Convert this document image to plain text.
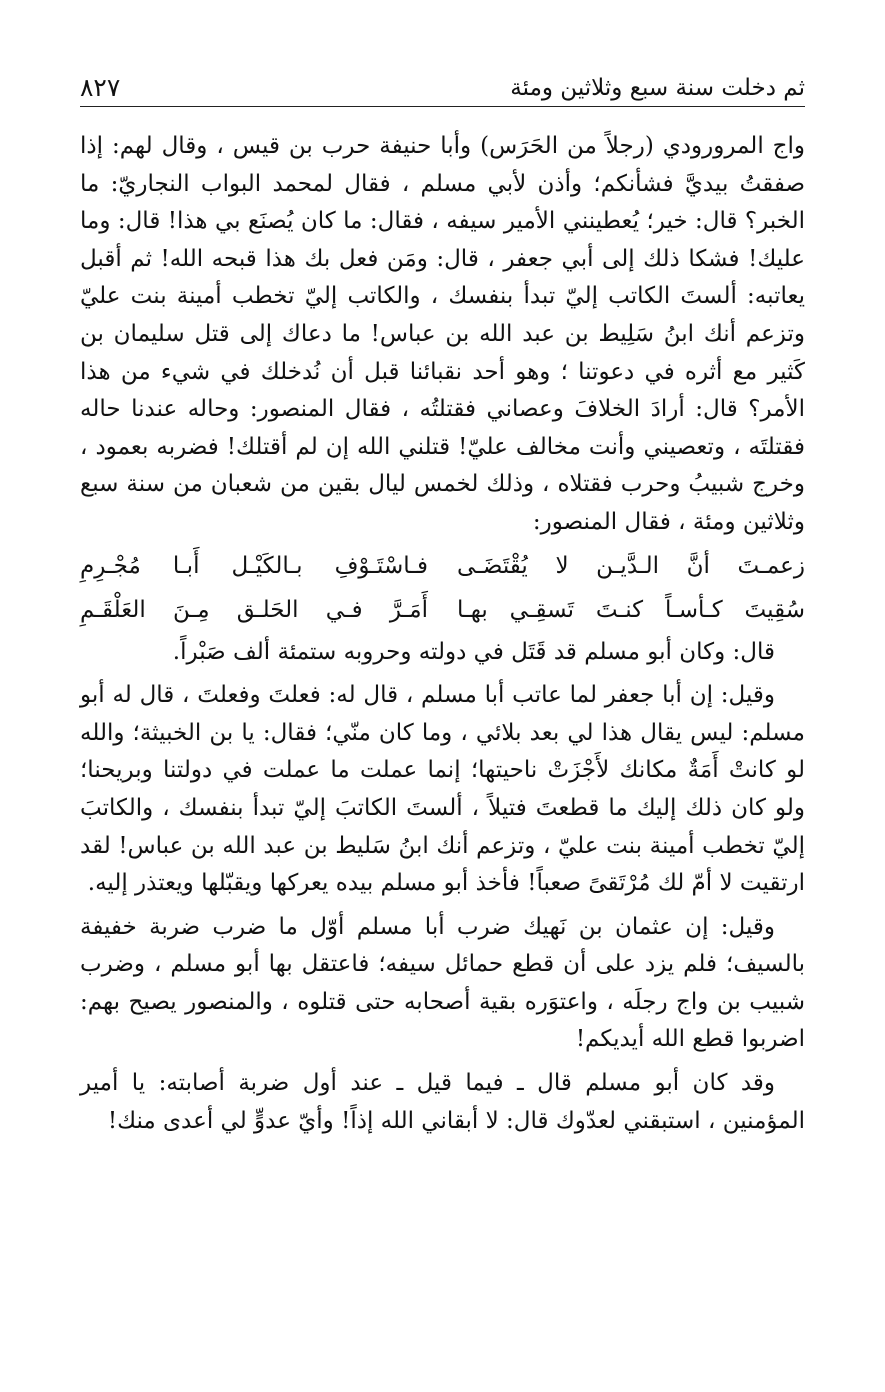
ثم دخلت سنة سبع وثلاثين ومئة
٨٢٧

واج المرورودي (رجلاً من الحَرَس) وأبا حنيفة حرب بن قيس ، وقال لهم: إذا صفقتُ بيديَّ فشأنكم؛ وأذن لأبي مسلم ، فقال لمحمد البواب النجاريّ: ما الخبر؟ قال: خير؛ يُعطينني الأمير سيفه ، فقال: ما كان يُصنَع بي هذا! قال: وما عليك! فشكا ذلك إلى أبي جعفر ، قال: ومَن فعل بك هذا قبحه الله! ثم أقبل يعاتبه: ألستَ الكاتب إليّ تبدأ بنفسك ، والكاتب إليّ تخطب أمينة بنت عليّ وتزعم أنك ابنُ سَلِيط بن عبد الله بن عباس! ما دعاك إلى قتل سليمان بن كَثير مع أثره في دعوتنا ؛ وهو أحد نقبائنا قبل أن نُدخلك في شيء من هذا الأمر؟ قال: أرادَ الخلافَ وعصاني فقتلتُه ، فقال المنصور: وحاله عندنا حاله فقتلتَه ، وتعصيني وأنت مخالف عليّ! قتلني الله إن لم أقتلك! فضربه بعمود ، وخرج شبيبُ وحرب فقتلاه ، وذلك لخمس ليال بقين من شعبان من سنة سبع وثلاثين ومئة ، فقال المنصور:

زعمـتَ أنَّ الـدَّيـن لا يُقْتَضَـى
فـاسْتَـوْفِ بـالكَيْـل أَبـا مُجْـرِمِ
سُقِيتَ كـأسـاً كنـتَ تَسقِـي بهـا
أَمَـرَّ فـي الحَلـق مِـنَ العَلْقَـمِ

قال: وكان أبو مسلم قد قَتَل في دولته وحروبه ستمئة ألف صَبْراً.

وقيل: إن أبا جعفر لما عاتب أبا مسلم ، قال له: فعلتَ وفعلتَ ، قال له أبو مسلم: ليس يقال هذا لي بعد بلائي ، وما كان منّي؛ فقال: يا بن الخبيثة؛ والله لو كانتْ أَمَةٌ مكانك لأَجْزَتْ ناحيتها؛ إنما عملت ما عملت في دولتنا وبريحنا؛ ولو كان ذلك إليك ما قطعتَ فتيلاً ، ألستَ الكاتبَ إليّ تبدأ بنفسك ، والكاتبَ إليّ تخطب أمينة بنت عليّ ، وتزعم أنك ابنُ سَليط بن عبد الله بن عباس! لقد ارتقيت لا أمّ لك مُرْتَقىً صعباً! فأخذ أبو مسلم بيده يعركها ويقبّلها ويعتذر إليه.

وقيل: إن عثمان بن نَهيك ضرب أبا مسلم أوّل ما ضرب ضربة خفيفة بالسيف؛ فلم يزد على أن قطع حمائل سيفه؛ فاعتقل بها أبو مسلم ، وضرب شبيب بن واج رجلَه ، واعتوَره بقية أصحابه حتى قتلوه ، والمنصور يصيح بهم: اضربوا قطع الله أيديكم!

وقد كان أبو مسلم قال ـ فيما قيل ـ عند أول ضربة أصابته: يا أمير المؤمنين ، استبقني لعدّوك قال: لا أبقاني الله إذاً! وأيّ عدوٍّ لي أعدى منك!
